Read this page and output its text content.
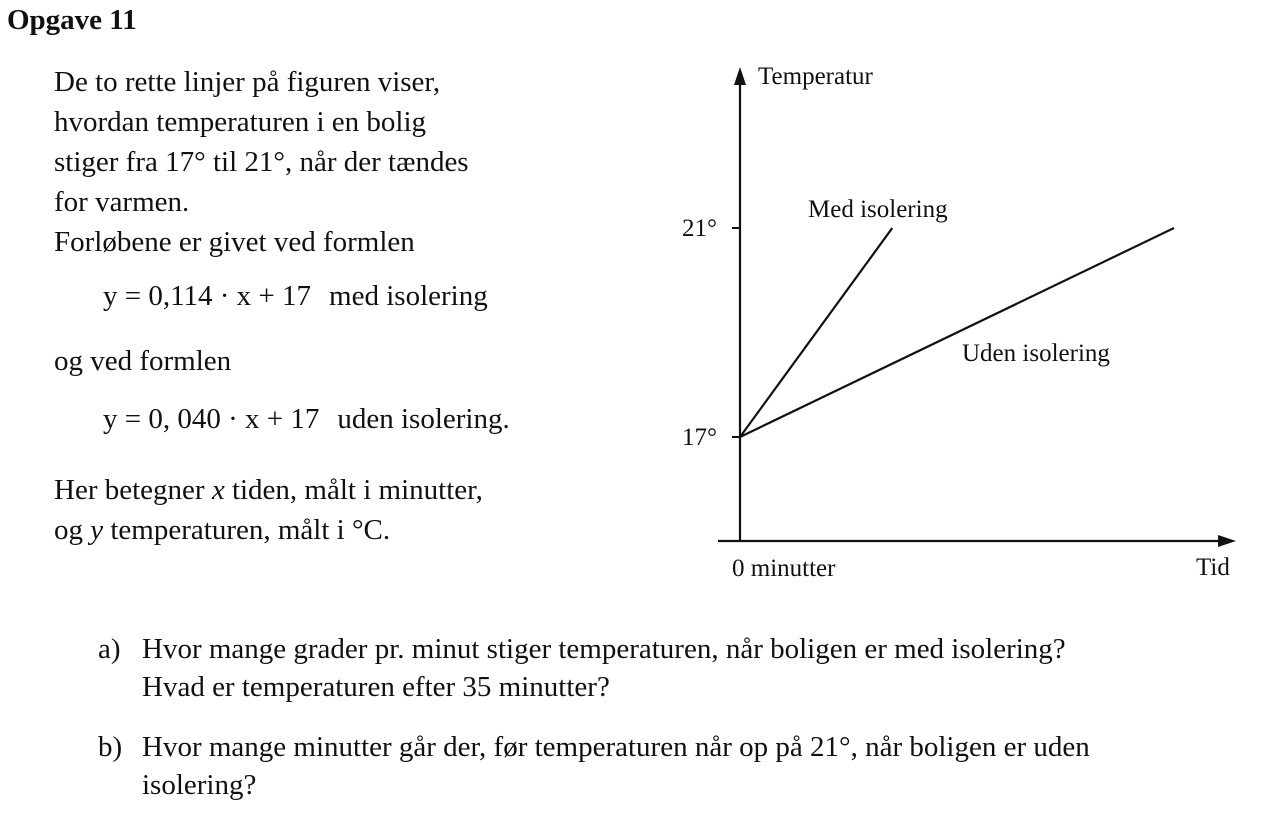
Opgave 11

De to rette linjer på figuren viser,

hvordan temperaturen i en bolig

stiger fra 17° til 21°, når der tændes

for varmen.

Forløbene er givet ved formlen

y = 0,114 · x + 17 med isolering
og ved formlen
y = 0, 040 · x + 17 uden isolering.

Her betegner x tiden, målt i minutter,

og y temperaturen, målt i °C.

Temperatur
Tid
0 minutter
21°
17°
Med isolering
Uden isolering
a) Hvor mange grader pr. minut stiger temperaturen, når boligen er med isolering?

Hvad er temperaturen efter 35 minutter?

b) Hvor mange minutter går der, før temperaturen når op på 21°, når boligen er uden

isolering?
